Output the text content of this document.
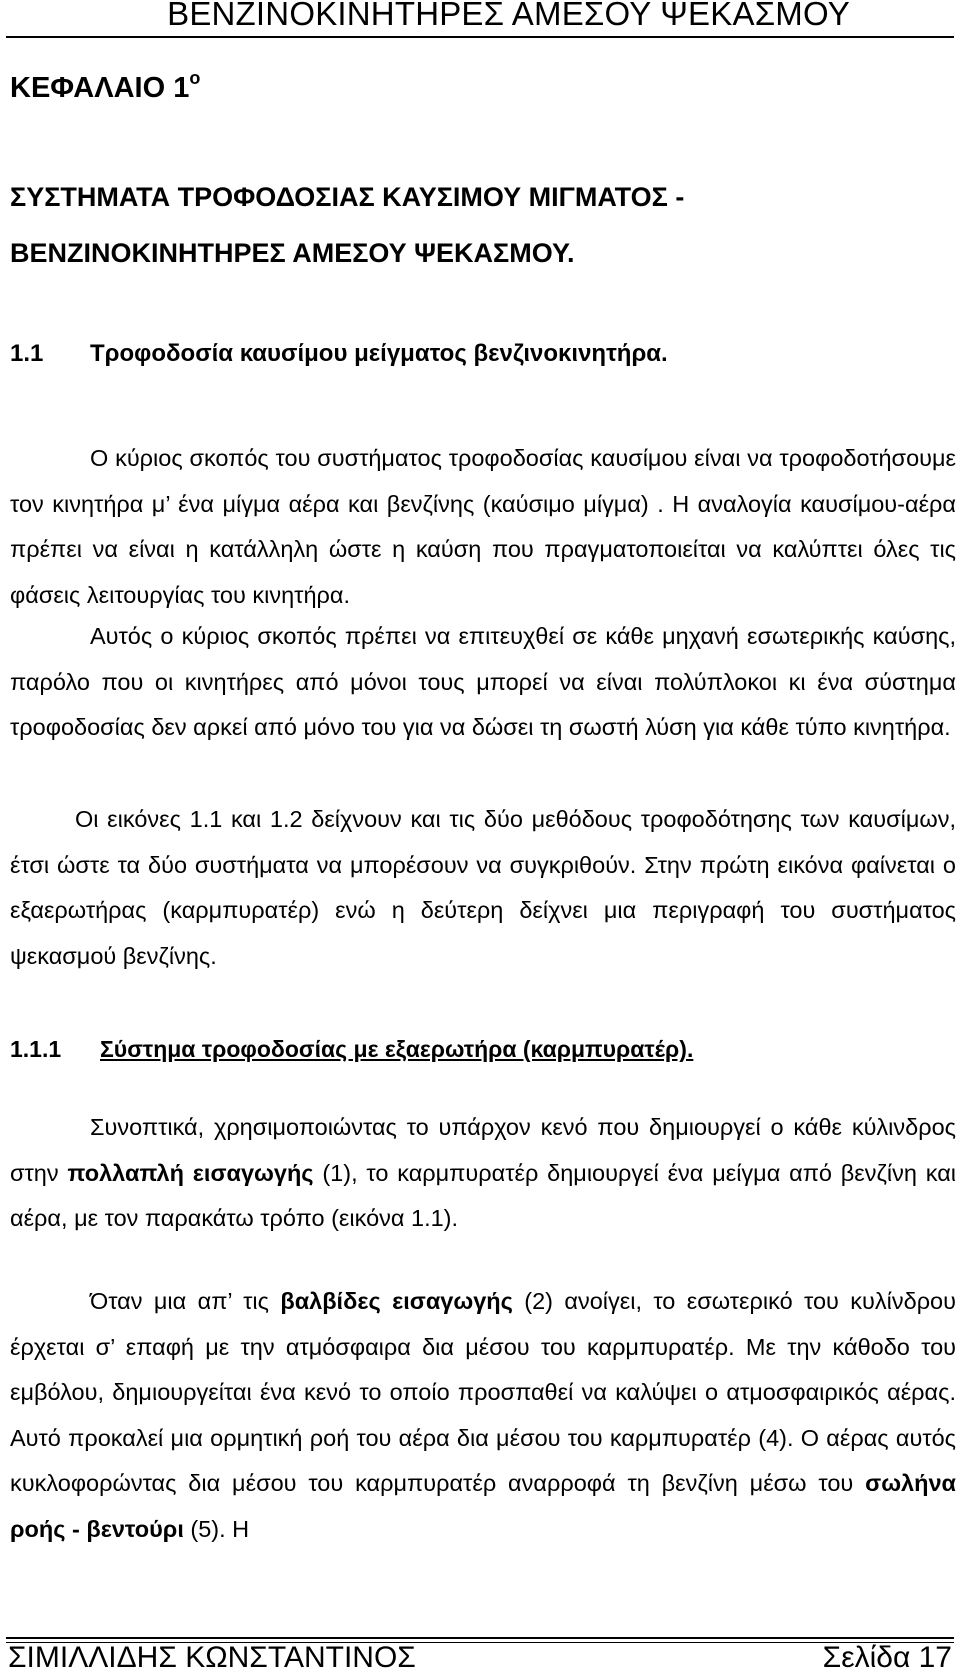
ΒΕΝΖΙΝΟΚΙΝΗΤΗΡΕΣ ΑΜΕΣΟΥ ΨΕΚΑΣΜΟΥ
ΚΕΦΑΛΑΙΟ $1^o$
ΣΥΣΤΗΜΑΤΑ ΤΡΟΦΟΔΟΣΙΑΣ ΚΑΥΣΙΜΟΥ ΜΙΓΜΑΤΟΣ -
ΒΕΝΖΙΝΟΚΙΝΗΤΗΡΕΣ ΑΜΕΣΟΥ ΨΕΚΑΣΜΟΥ.
1.1 Τροφοδοσία καυσίμου μείγματος βενζινοκινητήρα.

Ο κύριος σκοπός του συστήματος τροφοδοσίας καυσίμου είναι να τροφοδοτήσουμε τον κινητήρα μ’ ένα μίγμα αέρα και βενζίνης (καύσιμο μίγμα) . Η αναλογία καυσίμου-αέρα πρέπει να είναι η κατάλληλη ώστε η καύση που πραγματοποιείται να καλύπτει όλες τις φάσεις λειτουργίας του κινητήρα.

Αυτός ο κύριος σκοπός πρέπει να επιτευχθεί σε κάθε μηχανή εσωτερικής καύσης, παρόλο που οι κινητήρες από μόνοι τους μπορεί να είναι πολύπλοκοι κι ένα σύστημα τροφοδοσίας δεν αρκεί από μόνο του για να δώσει τη σωστή λύση για κάθε τύπο κινητήρα.

Οι εικόνες 1.1 και 1.2 δείχνουν και τις δύο μεθόδους τροφοδότησης των καυσίμων, έτσι ώστε τα δύο συστήματα να μπορέσουν να συγκριθούν. Στην πρώτη εικόνα φαίνεται ο εξαερωτήρας (καρμπυρατέρ) ενώ η δεύτερη δείχνει μια περιγραφή του συστήματος ψεκασμού βενζίνης.

1.1.1 Σύστημα τροφοδοσίας με εξαερωτήρα (καρμπυρατέρ).

Συνοπτικά, χρησιμοποιώντας το υπάρχον κενό που δημιουργεί ο κάθε κύλινδρος στην πολλαπλή εισαγωγής (1), το καρμπυρατέρ δημιουργεί ένα μείγμα από βενζίνη και αέρα, με τον παρακάτω τρόπο (εικόνα 1.1).

Όταν μια απ’ τις βαλβίδες εισαγωγής (2) ανοίγει, το εσωτερικό του κυλίνδρου έρχεται σ’ επαφή με την ατμόσφαιρα δια μέσου του καρμπυρατέρ. Με την κάθοδο του εμβόλου, δημιουργείται ένα κενό το οποίο προσπαθεί να καλύψει ο ατμοσφαιρικός αέρας. Αυτό προκαλεί μια ορμητική ροή του αέρα δια μέσου του καρμπυρατέρ (4). Ο αέρας αυτός κυκλοφορώντας δια μέσου του καρμπυρατέρ αναρροφά τη βενζίνη μέσω του σωλήνα ροής - βεντούρι (5). Η

ΣΙΜΙΛΛΙΔΗΣ ΚΩΝΣΤΑΝΤΙΝΟΣ	Σελίδα 17
